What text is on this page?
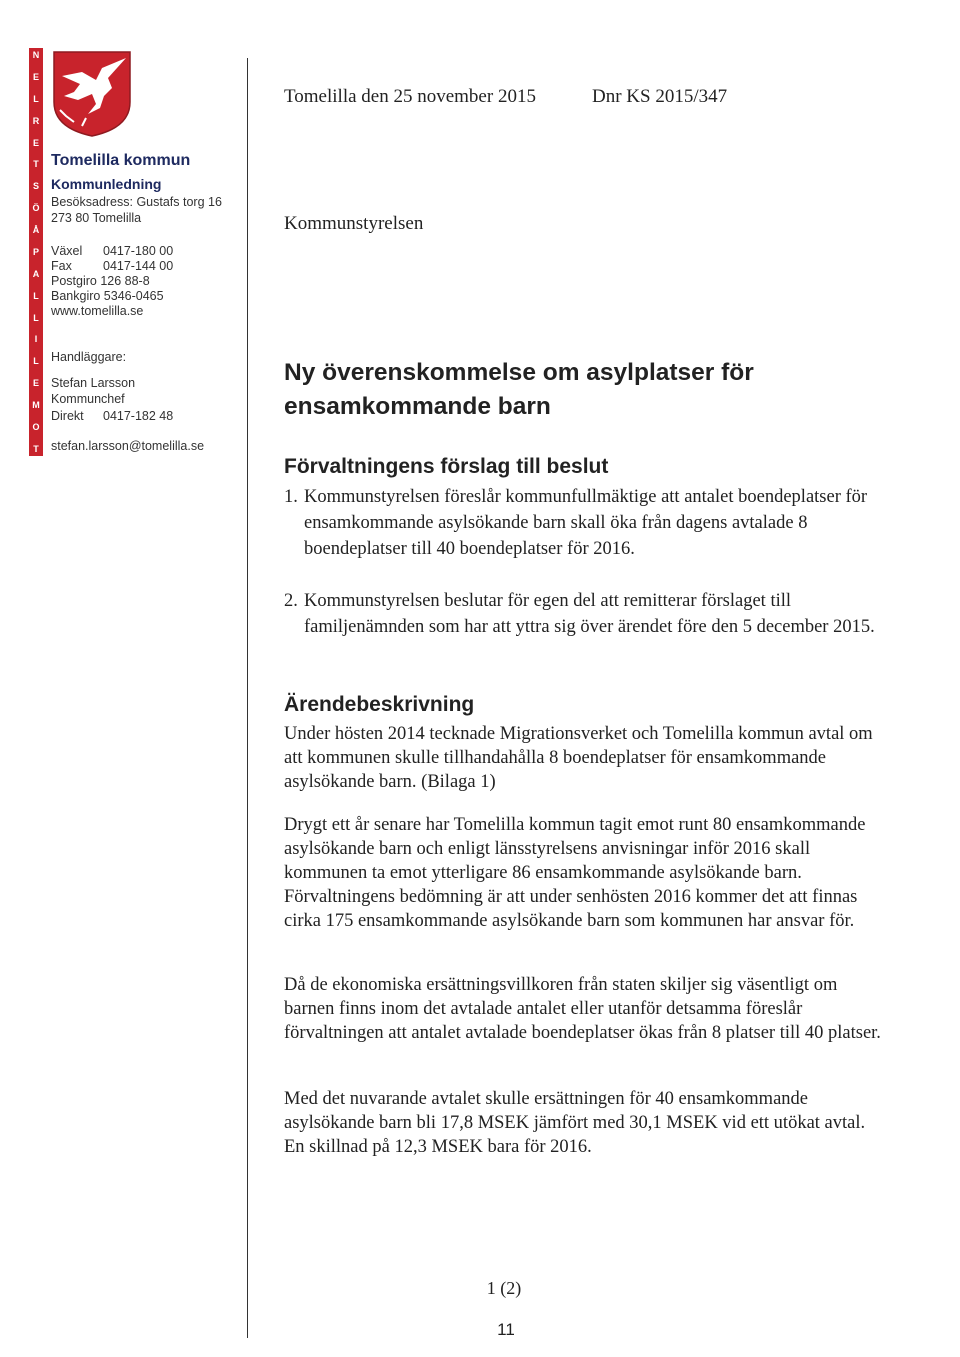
T
O
M
E
L
I
L
L
A
P
Å
Ö
S
T
E
R
L
E
N
Tomelilla kommun
Kommunledning
Besöksadress: Gustafs torg 16
273 80 Tomelilla
Växel 0417-180 00
Fax 0417-144 00
Postgiro 126 88-8
Bankgiro 5346-0465
www.tomelilla.se
Handläggare:
Stefan Larsson
Kommunchef
Direkt 0417-182 48
stefan.larsson@tomelilla.se
Tomelilla den 25 november 2015	Dnr KS 2015/347
Kommunstyrelsen
Ny överenskommelse om asylplatser för ensamkommande barn
Förvaltningens förslag till beslut
1. Kommunstyrelsen föreslår kommunfullmäktige att antalet boendeplatser för ensamkommande asylsökande barn skall öka från dagens avtalade 8 boendeplatser till 40 boendeplatser för 2016.
2. Kommunstyrelsen beslutar för egen del att remitterar förslaget till familjenämnden som har att yttra sig över ärendet före den 5 december 2015.
Ärendebeskrivning
Under hösten 2014 tecknade Migrationsverket och Tomelilla kommun avtal om att kommunen skulle tillhandahålla 8 boendeplatser för ensamkommande asylsökande barn. (Bilaga 1)
Drygt ett år senare har Tomelilla kommun tagit emot runt 80 ensamkommande asylsökande barn och enligt länsstyrelsens anvisningar inför 2016 skall kommunen ta emot ytterligare 86 ensamkommande asylsökande barn. Förvaltningens bedömning är att under senhösten 2016 kommer det att finnas cirka 175 ensamkommande asylsökande barn som kommunen har ansvar för.
Då de ekonomiska ersättningsvillkoren från staten skiljer sig väsentligt om barnen finns inom det avtalade antalet eller utanför detsamma föreslår förvaltningen att antalet avtalade boendeplatser ökas från 8 platser till 40 platser.
Med det nuvarande avtalet skulle ersättningen för 40 ensamkommande asylsökande barn bli 17,8 MSEK jämfört med 30,1 MSEK vid ett utökat avtal. En skillnad på 12,3 MSEK bara för 2016.
1 (2)
11
